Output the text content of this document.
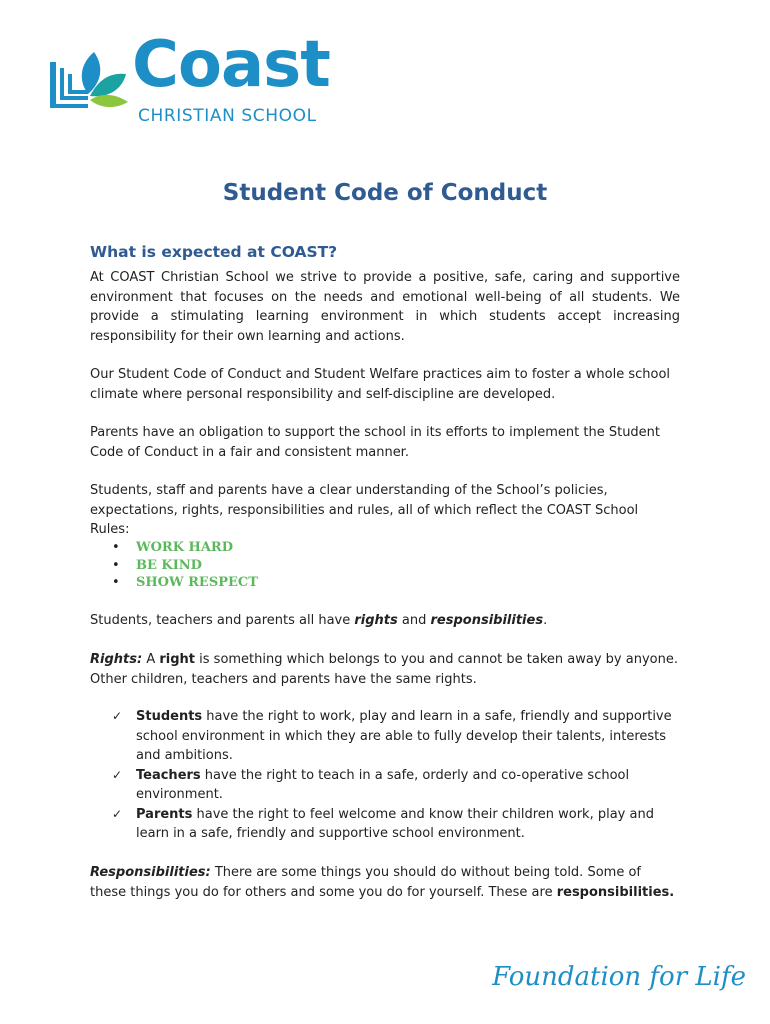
Coast
CHRISTIAN SCHOOL
Student Code of Conduct
What is expected at COAST?
At COAST Christian School we strive to provide a positive, safe, caring and supportive environment that focuses on the needs and emotional well-being of all students. We provide a stimulating learning environment in which students accept increasing responsibility for their own learning and actions.
Our Student Code of Conduct and Student Welfare practices aim to foster a whole school climate where personal responsibility and self-discipline are developed.
Parents have an obligation to support the school in its efforts to implement the Student Code of Conduct in a fair and consistent manner.
Students, staff and parents have a clear understanding of the School’s policies, expectations, rights, responsibilities and rules, all of which reflect the COAST School Rules:
• WORK HARD
• BE KIND
• SHOW RESPECT
Students, teachers and parents all have rights and responsibilities.
Rights: A right is something which belongs to you and cannot be taken away by anyone. Other children, teachers and parents have the same rights.
✓ Students have the right to work, play and learn in a safe, friendly and supportive school environment in which they are able to fully develop their talents, interests and ambitions.
✓ Teachers have the right to teach in a safe, orderly and co-operative school environment.
✓ Parents have the right to feel welcome and know their children work, play and learn in a safe, friendly and supportive school environment.
Responsibilities: There are some things you should do without being told. Some of these things you do for others and some you do for yourself. These are responsibilities.
Foundation for Life
